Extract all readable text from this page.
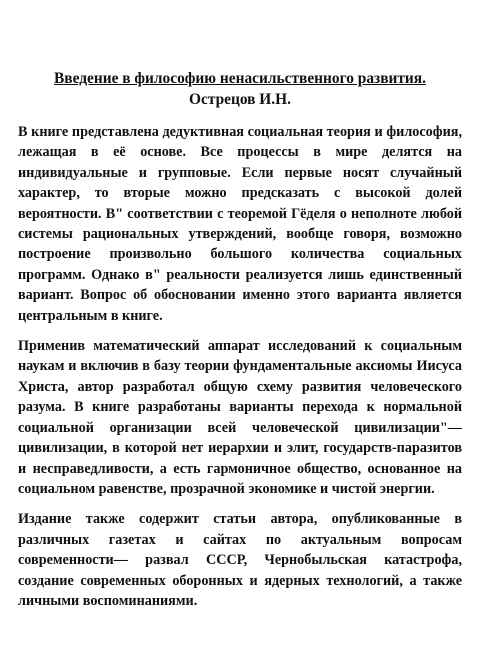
Введение в философию ненасильственного развития.
Острецов И.Н.

В книге представлена дедуктивная социальная теория и философия, лежащая в её основе. Все процессы в мире делятся на индивидуальные и групповые. Если первые носят случайный характер, то вторые можно предсказать с высокой долей вероятности. В" соответствии с теоремой Гёделя о неполноте любой системы рациональных утверждений, вообще говоря, возможно построение произвольно большого количества социальных программ. Однако в" реальности реализуется лишь единственный вариант. Вопрос об обосновании именно этого варианта является центральным в книге.

Применив математический аппарат исследований к социальным наукам и включив в базу теории фундаментальные аксиомы Иисуса Христа, автор разработал общую схему развития человеческого разума. В книге разработаны варианты перехода к нормальной социальной организации всей человеческой цивилизации"— цивилизации, в которой нет иерархии и элит, государств-паразитов и несправедливости, а есть гармоничное общество, основанное на социальном равенстве, прозрачной экономике и чистой энергии.

Издание также содержит статьи автора, опубликованные в различных газетах и сайтах по актуальным вопросам современности— развал СССР, Чернобыльская катастрофа, создание современных оборонных и ядерных технологий, а также личными воспоминаниями.
